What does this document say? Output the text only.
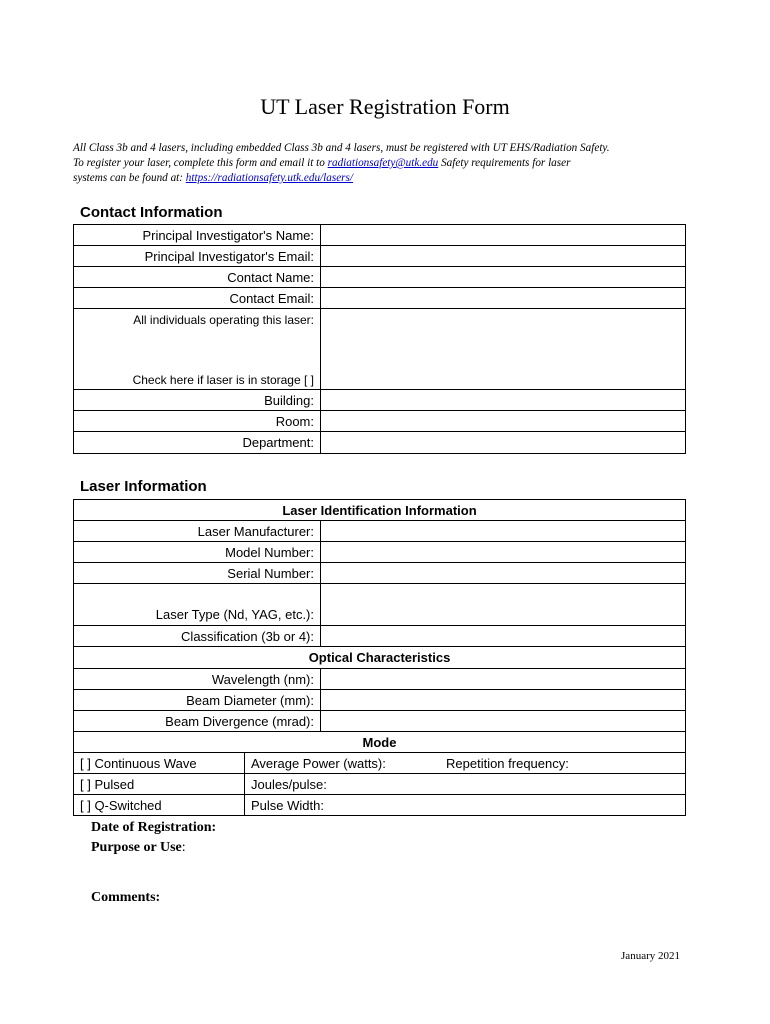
UT Laser Registration Form
All Class 3b and 4 lasers, including embedded Class 3b and 4 lasers, must be registered with UT EHS/Radiation Safety.
To register your laser, complete this form and email it to radiationsafety@utk.edu Safety requirements for laser
systems can be found at: https://radiationsafety.utk.edu/lasers/
Contact Information
Principal Investigator's Name:
Principal Investigator's Email:
Contact Name:
Contact Email:
All individuals operating this laser:
Check here if laser is in storage [ ]
Building:
Room:
Department:
Laser Information
Laser Identification Information
Laser Manufacturer:
Model Number:
Serial Number:
Laser Type (Nd, YAG, etc.):
Classification (3b or 4):
Optical Characteristics
Wavelength (nm):
Beam Diameter (mm):
Beam Divergence (mrad):
Mode
[ ] Continuous Wave	Average Power (watts):	Repetition frequency:
[ ] Pulsed	Joules/pulse:
[ ] Q-Switched	Pulse Width:
Date of Registration:
Purpose or Use:
Comments:
January 2021
